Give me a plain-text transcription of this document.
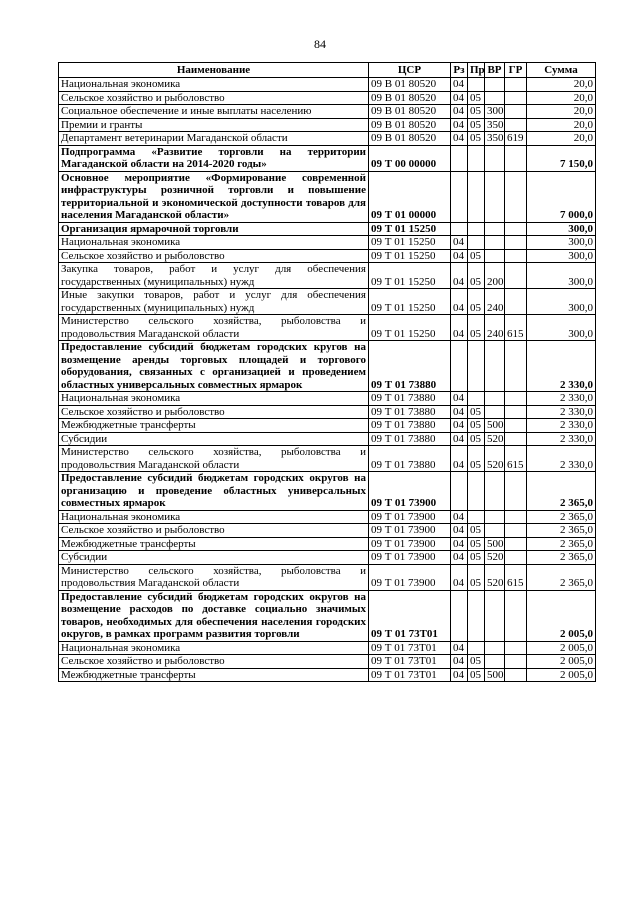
84
Наименование	ЦСР	Рз	Пр	ВР	ГР	Сумма
Национальная экономика	09 В 01 80520	04				20,0
Сельское хозяйство и рыболовство	09 В 01 80520	04	05			20,0
Социальное обеспечение и иные выплаты населению	09 В 01 80520	04	05	300		20,0
Премии и гранты	09 В 01 80520	04	05	350		20,0
Департамент ветеринарии Магаданской области	09 В 01 80520	04	05	350	619	20,0
Подпрограмма «Развитие торговли на территории Магаданской области на 2014-2020 годы»	09 Т 00 00000					7 150,0
Основное мероприятие «Формирование современной инфраструктуры розничной торговли и повышение территориальной и экономической доступности товаров для населения Магаданской области»	09 Т 01 00000					7 000,0
Организация ярмарочной торговли	09 Т 01 15250					300,0
Национальная экономика	09 Т 01 15250	04				300,0
Сельское хозяйство и рыболовство	09 Т 01 15250	04	05			300,0
Закупка товаров, работ и услуг для обеспечения государственных (муниципальных) нужд	09 Т 01 15250	04	05	200		300,0
Иные закупки товаров, работ и услуг для обеспечения государственных (муниципальных) нужд	09 Т 01 15250	04	05	240		300,0
Министерство сельского хозяйства, рыболовства и продовольствия Магаданской области	09 Т 01 15250	04	05	240	615	300,0
Предоставление субсидий бюджетам городских кругов на возмещение аренды торговых площадей и торгового оборудования, связанных с организацией и проведением областных универсальных совместных ярмарок	09 Т 01 73880					2 330,0
Национальная экономика	09 Т 01 73880	04				2 330,0
Сельское хозяйство и рыболовство	09 Т 01 73880	04	05			2 330,0
Межбюджетные трансферты	09 Т 01 73880	04	05	500		2 330,0
Субсидии	09 Т 01 73880	04	05	520		2 330,0
Министерство сельского хозяйства, рыболовства и продовольствия Магаданской области	09 Т 01 73880	04	05	520	615	2 330,0
Предоставление субсидий бюджетам городских округов на организацию и проведение областных универсальных совместных ярмарок	09 Т 01 73900					2 365,0
Национальная экономика	09 Т 01 73900	04				2 365,0
Сельское хозяйство и рыболовство	09 Т 01 73900	04	05			2 365,0
Межбюджетные трансферты	09 Т 01 73900	04	05	500		2 365,0
Субсидии	09 Т 01 73900	04	05	520		2 365,0
Министерство сельского хозяйства, рыболовства и продовольствия Магаданской области	09 Т 01 73900	04	05	520	615	2 365,0
Предоставление субсидий бюджетам городских округов на возмещение расходов по доставке социально значимых товаров, необходимых для обеспечения населения городских округов, в рамках программ развития торговли	09 Т 01 73Т01					2 005,0
Национальная экономика	09 Т 01 73Т01	04				2 005,0
Сельское хозяйство и рыболовство	09 Т 01 73Т01	04	05			2 005,0
Межбюджетные трансферты	09 Т 01 73Т01	04	05	500		2 005,0
